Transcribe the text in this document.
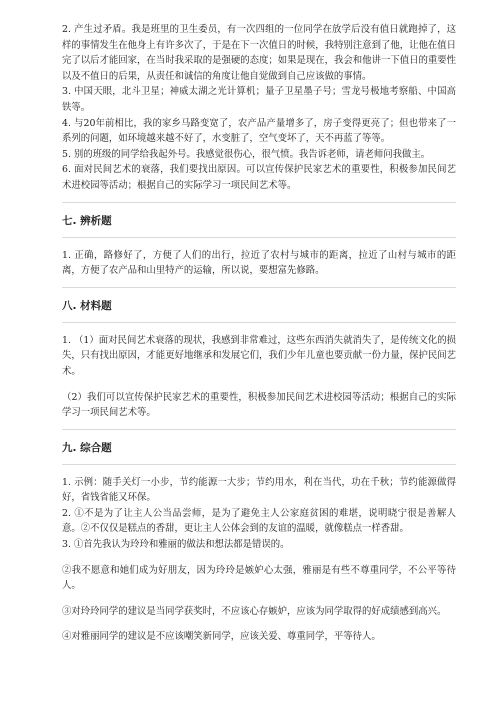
2. 产生过矛盾。我是班里的卫生委员，有一次四组的一位同学在放学后没有值日就跑掉了，这样的事情发生在他身上有许多次了，于是在下一次值日的时候，我特别注意到了他，让他在值日完了以后才能回家，在当时我采取的是强硬的态度；如果是现在，我会和他讲一下值日的重要性以及不值日的后果，从责任和诚信的角度让他自觉做到自己应该做的事情。

3. 中国天眼，北斗卫星；神威太湖之光计算机；量子卫星墨子号；雪龙号极地考察船、中国高铁等。

4. 与20年前相比，我的家乡马路变宽了，农产品产量增多了，房子变得更亮了；但也带来了一系列的问题，如环境越来越不好了，水变脏了，空气变坏了，天不再蓝了等等。

5. 别的班级的同学给我起外号。我感觉很伤心，很气愤。我告诉老师，请老师问我做主。

6. 面对民间艺术的衰落，我们要找出原因。可以宣传保护民家艺术的重要性，积极参加民间艺术进校园等活动；根据自己的实际学习一项民间艺术等。

七. 辨析题

1. 正确，路修好了，方便了人们的出行，拉近了农村与城市的距离，拉近了山村与城市的距离，方便了农产品和山里特产的运输，所以说，要想富先修路。

八. 材料题

1. （1）面对民间艺术衰落的现状，我感到非常难过，这些东西消失就消失了，是传统文化的损失，只有找出原因，才能更好地继承和发展它们，我们少年儿童也要贡献一份力量，保护民间艺术。

（2）我们可以宣传保护民家艺术的重要性，积极参加民间艺术进校园等活动；根据自己的实际学习一项民间艺术等。

九. 综合题

1. 示例：随手关灯一小步，节约能源一大步；节约用水，利在当代，功在千秋；节约能源做得好，省钱省能又环保。

2. ①不是为了让主人公当品尝师，是为了避免主人公家庭贫困的难堪，说明晓宁很是善解人意。②不仅仅是糕点的香甜，更让主人公体会到的友谊的温暖，就像糕点一样香甜。

3. ①首先我认为玲玲和雅丽的做法和想法都是错误的。

②我不愿意和她们成为好朋友，因为玲玲是嫉妒心太强，雅丽是有些不尊重同学，不公平等待人。

③对玲玲同学的建议是当同学获奖时，不应该心存嫉妒，应该为同学取得的好成绩感到高兴。

④对雅丽同学的建议是不应该嘲笑新同学，应该关爱、尊重同学，平等待人。
